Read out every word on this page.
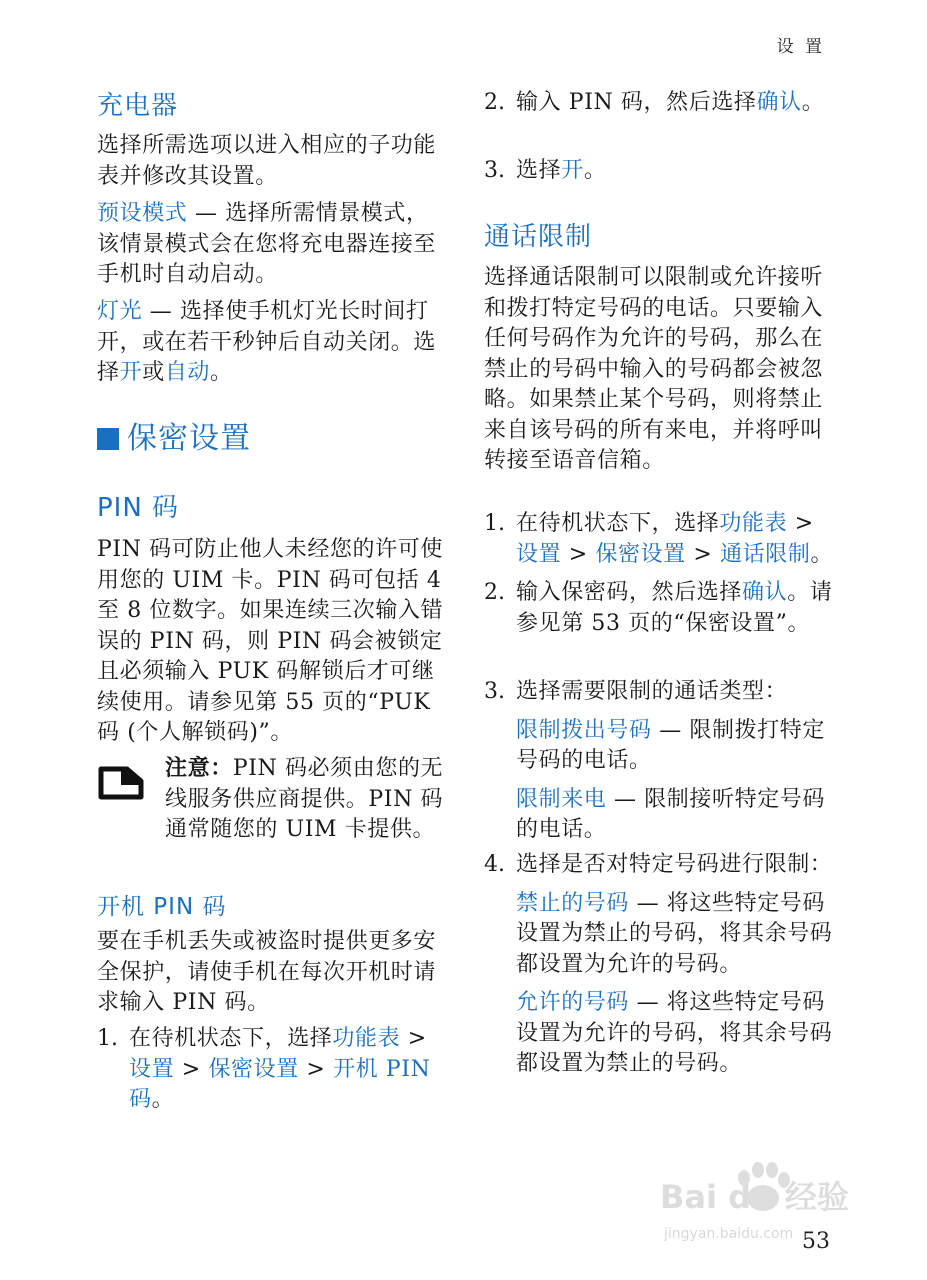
设 置
充电器

选择所需选项以进入相应的子功能表并修改其设置。

预设模式 — 选择所需情景模式，该情景模式会在您将充电器连接至手机时自动启动。

灯光 — 选择使手机灯光长时间打开，或在若干秒钟后自动关闭。选择开或自动。

保密设置
PIN 码

PIN 码可防止他人未经您的许可使用您的 UIM 卡。PIN 码可包括 4 至 8 位数字。如果连续三次输入错误的 PIN 码，则 PIN 码会被锁定且必须输入 PUK 码解锁后才可继续使用。请参见第 55 页的“PUK 码 (个人解锁码)”。

注意：PIN 码必须由您的无线服务供应商提供。PIN 码通常随您的 UIM 卡提供。

开机 PIN 码

要在手机丢失或被盗时提供更多安全保护，请使手机在每次开机时请求输入 PIN 码。

1. 在待机状态下，选择功能表 > 设置 > 保密设置 > 开机 PIN 码。

2. 输入 PIN 码，然后选择确认。

3. 选择开。

通话限制

选择通话限制可以限制或允许接听和拨打特定号码的电话。只要输入任何号码作为允许的号码，那么在禁止的号码中输入的号码都会被忽略。如果禁止某个号码，则将禁止来自该号码的所有来电，并将呼叫转接至语音信箱。

1. 在待机状态下，选择功能表 > 设置 > 保密设置 > 通话限制。

2. 输入保密码，然后选择确认。请参见第 53 页的“保密设置”。

3. 选择需要限制的通话类型：

限制拨出号码 — 限制拨打特定号码的电话。

限制来电 — 限制接听特定号码的电话。

4. 选择是否对特定号码进行限制：

禁止的号码 — 将这些特定号码设置为禁止的号码，将其余号码都设置为允许的号码。

允许的号码 — 将这些特定号码设置为允许的号码，将其余号码都设置为禁止的号码。

Bai du 经验
jingyan.baidu.com 53
